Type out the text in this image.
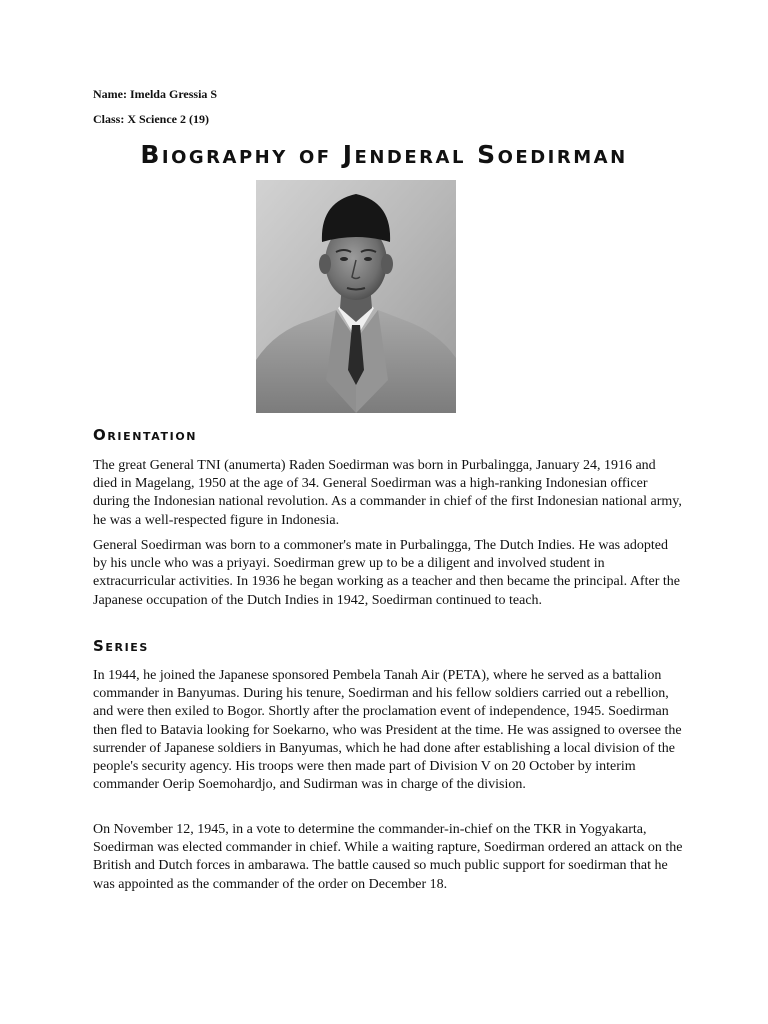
Name: Imelda Gressia S
Class: X Science 2 (19)
Biography of Jenderal Soedirman
Orientation

The great General TNI (anumerta) Raden Soedirman was born in Purbalingga, January 24, 1916 and died in Magelang, 1950 at the age of 34. General Soedirman was a high-ranking Indonesian officer during the Indonesian national revolution. As a commander in chief of the first Indonesian national army, he was a well-respected figure in Indonesia.

General Soedirman was born to a commoner's mate in Purbalingga, The Dutch Indies. He was adopted by his uncle who was a priyayi. Soedirman grew up to be a diligent and involved student in extracurricular activities. In 1936 he began working as a teacher and then became the principal. After the Japanese occupation of the Dutch Indies in 1942, Soedirman continued to teach.

Series

In 1944, he joined the Japanese sponsored Pembela Tanah Air (PETA), where he served as a battalion commander in Banyumas. During his tenure, Soedirman and his fellow soldiers carried out a rebellion, and were then exiled to Bogor. Shortly after the proclamation event of independence, 1945. Soedirman then fled to Batavia looking for Soekarno, who was President at the time. He was assigned to oversee the surrender of Japanese soldiers in Banyumas, which he had done after establishing a local division of the people's security agency. His troops were then made part of Division V on 20 October by interim commander Oerip Soemohardjo, and Sudirman was in charge of the division.

On November 12, 1945, in a vote to determine the commander-in-chief on the TKR in Yogyakarta, Soedirman was elected commander in chief. While a waiting rapture, Soedirman ordered an attack on the British and Dutch forces in ambarawa. The battle caused so much public support for soedirman that he was appointed as the commander of the order on December 18.
